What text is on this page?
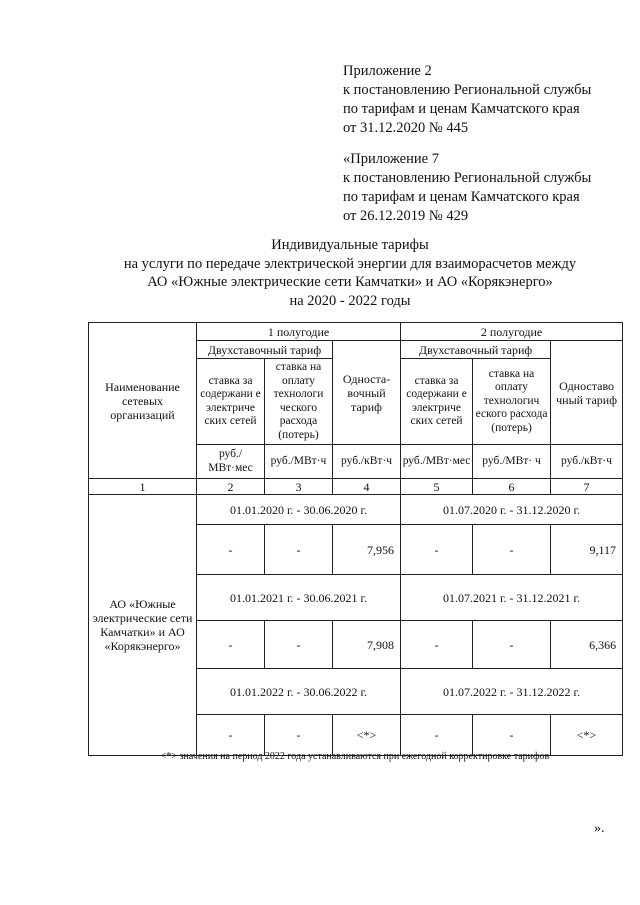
Приложение 2
к постановлению Региональной службы
по тарифам и ценам Камчатского края
от 31.12.2020 № 445
«Приложение 7
к постановлению Региональной службы
по тарифам и ценам Камчатского края
от 26.12.2019 № 429
Индивидуальные тарифы
на услуги по передаче электрической энергии для взаиморасчетов между
АО «Южные электрические сети Камчатки» и АО «Корякэнерго»
на 2020 - 2022 годы
Наименование сетевых организаций	1 полугодие			2 полугодие		
	Двухставочный тариф		Односта- вочный тариф	Двухставочный тариф		Одноставо чный тариф
	ставка за содержани е электриче ских сетей	ставка на оплату технологи ческого расхода (потерь)		ставка за содержани е электриче ских сетей	ставка на оплату технологич еского расхода (потерь)	
	руб./МВт·мес	руб./МВт·ч	руб./кВт·ч	руб./МВт·мес	руб./МВт· ч	руб./кВт·ч
1	2	3	4	5	6	7
АО «Южные электрические сети Камчатки» и АО «Корякэнерго»	01.01.2020 г. - 30.06.2020 г.			01.07.2020 г. - 31.12.2020 г.		
	-	-	7,956	-	-	9,117
	01.01.2021 г. - 30.06.2021 г.			01.07.2021 г. - 31.12.2021 г.		
	-	-	7,908	-	-	6,366
	01.01.2022 г. - 30.06.2022 г.			01.07.2022 г. - 31.12.2022 г.		
	-	-	<*>	-	-	<*>
<*> значения на период 2022 года устанавливаются при ежегодной корректировке тарифов
».
